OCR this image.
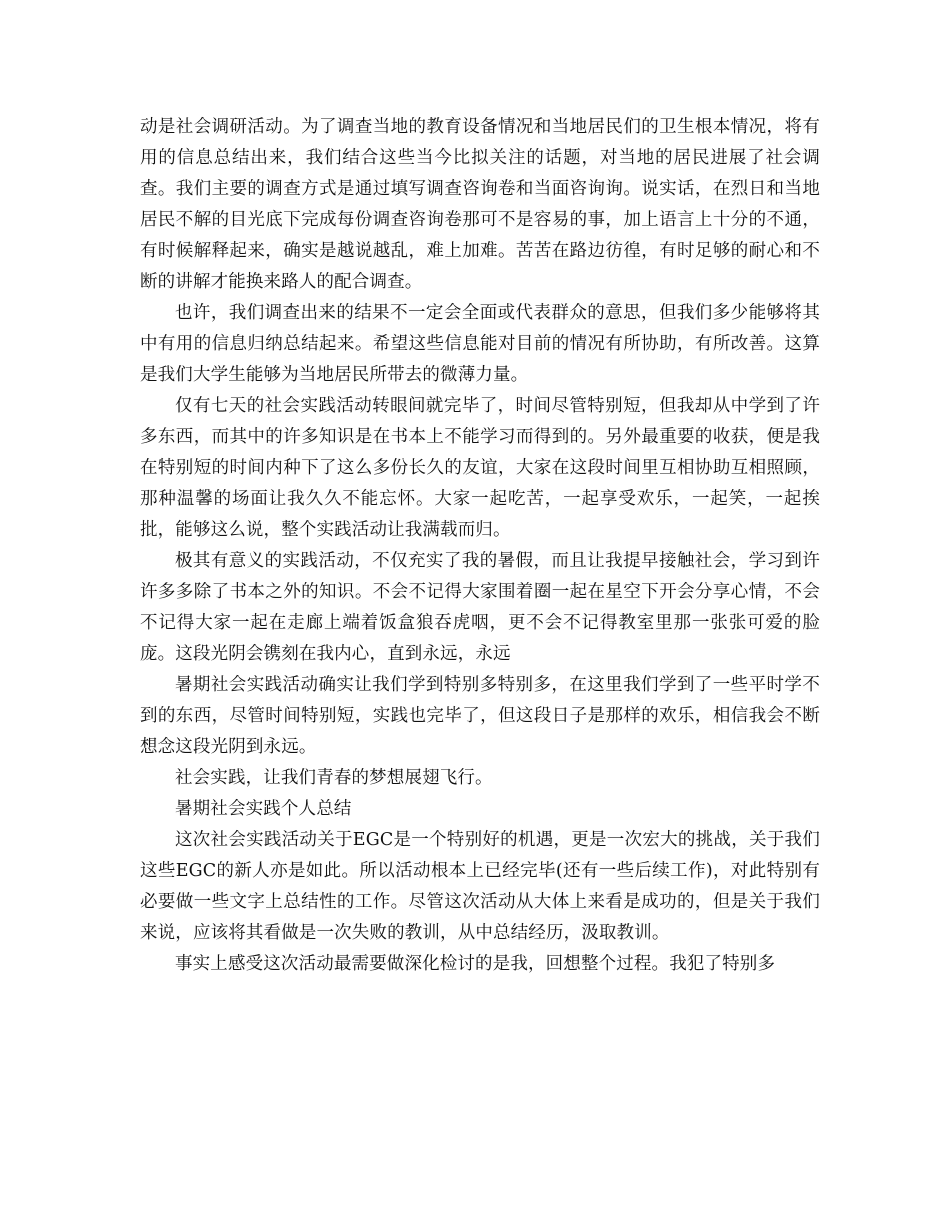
动是社会调研活动。为了调查当地的教育设备情况和当地居民们的卫生根本情况，将有用的信息总结出来，我们结合这些当今比拟关注的话题，对当地的居民进展了社会调查。我们主要的调查方式是通过填写调查咨询卷和当面咨询询。说实话，在烈日和当地居民不解的目光底下完成每份调查咨询卷那可不是容易的事，加上语言上十分的不通，有时候解释起来，确实是越说越乱，难上加难。苦苦在路边彷徨，有时足够的耐心和不断的讲解才能换来路人的配合调查。

也许，我们调查出来的结果不一定会全面或代表群众的意思，但我们多少能够将其中有用的信息归纳总结起来。希望这些信息能对目前的情况有所协助，有所改善。这算是我们大学生能够为当地居民所带去的微薄力量。

仅有七天的社会实践活动转眼间就完毕了，时间尽管特别短，但我却从中学到了许多东西，而其中的许多知识是在书本上不能学习而得到的。另外最重要的收获，便是我在特别短的时间内种下了这么多份长久的友谊，大家在这段时间里互相协助互相照顾，那种温馨的场面让我久久不能忘怀。大家一起吃苦，一起享受欢乐，一起笑，一起挨批，能够这么说，整个实践活动让我满载而归。

极其有意义的实践活动，不仅充实了我的暑假，而且让我提早接触社会，学习到许许多多除了书本之外的知识。不会不记得大家围着圈一起在星空下开会分享心情，不会不记得大家一起在走廊上端着饭盒狼吞虎咽，更不会不记得教室里那一张张可爱的脸庞。这段光阴会镌刻在我内心，直到永远，永远

暑期社会实践活动确实让我们学到特别多特别多，在这里我们学到了一些平时学不到的东西，尽管时间特别短，实践也完毕了，但这段日子是那样的欢乐，相信我会不断想念这段光阴到永远。

社会实践，让我们青春的梦想展翅飞行。

暑期社会实践个人总结

这次社会实践活动关于EGC是一个特别好的机遇，更是一次宏大的挑战，关于我们这些EGC的新人亦是如此。所以活动根本上已经完毕(还有一些后续工作)，对此特别有必要做一些文字上总结性的工作。尽管这次活动从大体上来看是成功的，但是关于我们来说，应该将其看做是一次失败的教训，从中总结经历，汲取教训。

事实上感受这次活动最需要做深化检讨的是我，回想整个过程。我犯了特别多
